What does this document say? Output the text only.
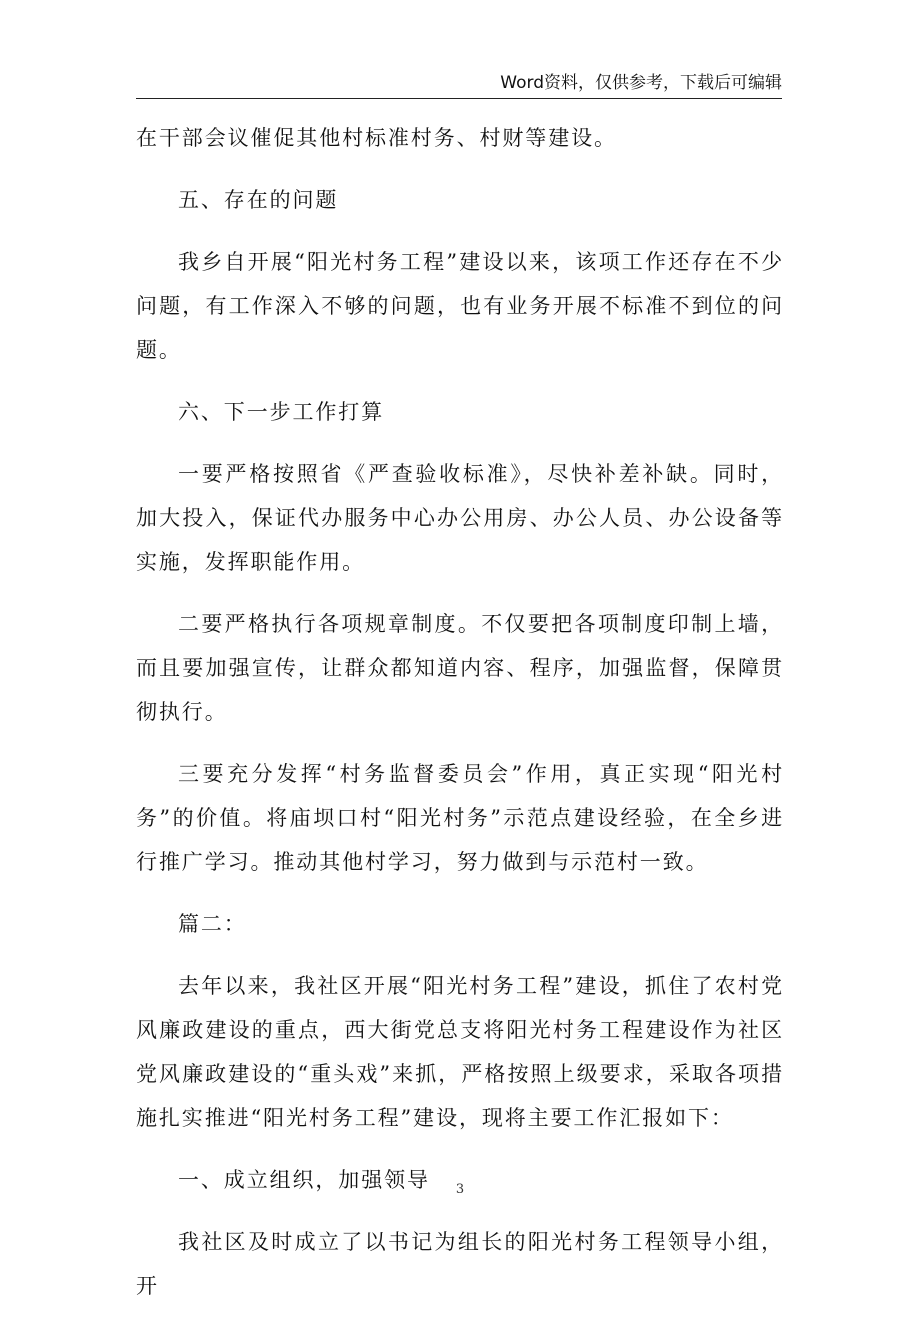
Word资料，仅供参考，下载后可编辑

在干部会议催促其他村标准村务、村财等建设。

五、存在的问题

我乡自开展“阳光村务工程”建设以来，该项工作还存在不少问题，有工作深入不够的问题，也有业务开展不标准不到位的问题。

六、下一步工作打算

一要严格按照省《严查验收标准》，尽快补差补缺。同时，加大投入，保证代办服务中心办公用房、办公人员、办公设备等实施，发挥职能作用。

二要严格执行各项规章制度。不仅要把各项制度印制上墙，而且要加强宣传，让群众都知道内容、程序，加强监督，保障贯彻执行。

三要充分发挥“村务监督委员会”作用，真正实现“阳光村务”的价值。将庙坝口村“阳光村务”示范点建设经验，在全乡进行推广学习。推动其他村学习，努力做到与示范村一致。

篇二：

去年以来，我社区开展“阳光村务工程”建设，抓住了农村党风廉政建设的重点，西大街党总支将阳光村务工程建设作为社区党风廉政建设的“重头戏”来抓，严格按照上级要求，采取各项措施扎实推进“阳光村务工程”建设，现将主要工作汇报如下：

一、成立组织，加强领导

我社区及时成立了以书记为组长的阳光村务工程领导小组，开

3
